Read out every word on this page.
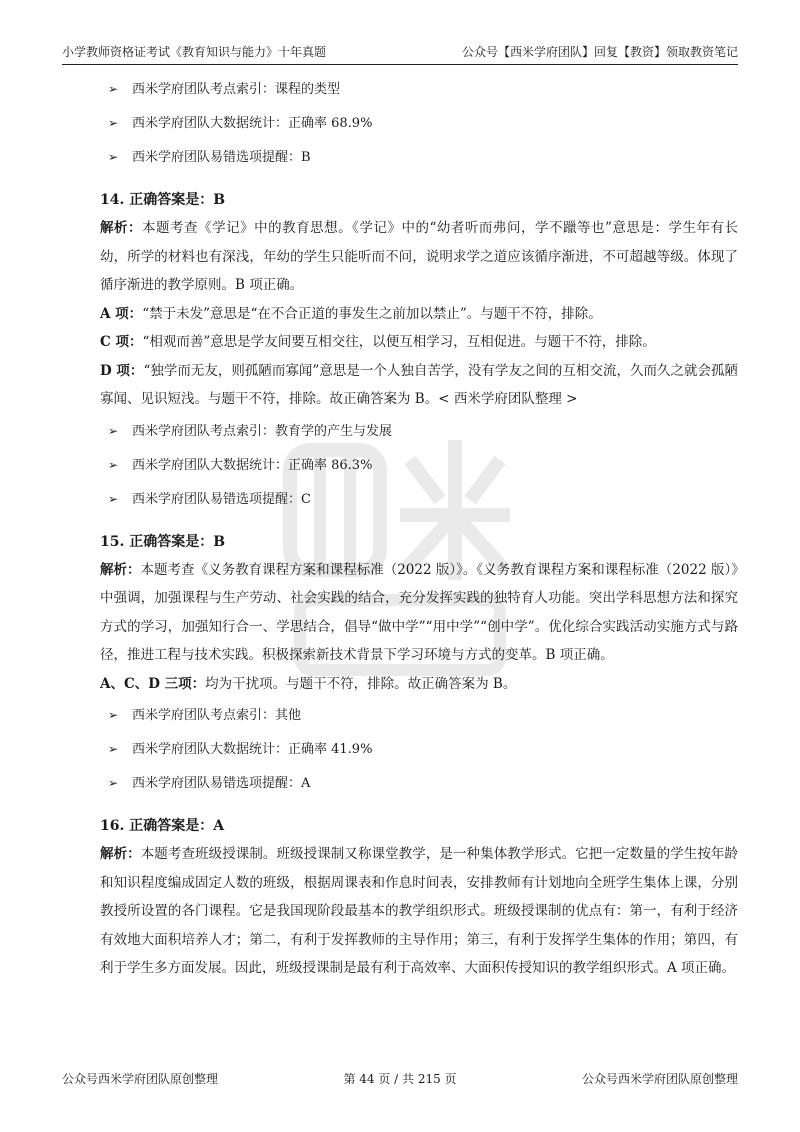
小学教师资格证考试《教育知识与能力》十年真题	公众号【西米学府团队】回复【教资】领取教资笔记
➢ 西米学府团队考点索引：课程的类型
➢ 西米学府团队大数据统计：正确率 68.9%
➢ 西米学府团队易错选项提醒：B
14. 正确答案是：B
解析：本题考查《学记》中的教育思想。《学记》中的“幼者听而弗问，学不躐等也”意思是：学生年有长幼，所学的材料也有深浅，年幼的学生只能听而不问，说明求学之道应该循序渐进，不可超越等级。体现了循序渐进的教学原则。B 项正确。
A 项：“禁于未发”意思是“在不合正道的事发生之前加以禁止”。与题干不符，排除。
C 项：“相观而善”意思是学友间要互相交往，以便互相学习，互相促进。与题干不符，排除。
D 项：“独学而无友，则孤陋而寡闻”意思是一个人独自苦学，没有学友之间的互相交流，久而久之就会孤陋寡闻、见识短浅。与题干不符，排除。故正确答案为 B。< 西米学府团队整理 >
➢ 西米学府团队考点索引：教育学的产生与发展
➢ 西米学府团队大数据统计：正确率 86.3%
➢ 西米学府团队易错选项提醒：C
15. 正确答案是：B
解析：本题考查《义务教育课程方案和课程标准（2022 版）》。《义务教育课程方案和课程标准（2022 版）》中强调，加强课程与生产劳动、社会实践的结合，充分发挥实践的独特育人功能。突出学科思想方法和探究方式的学习，加强知行合一、学思结合，倡导“做中学”“用中学”“创中学”。优化综合实践活动实施方式与路径，推进工程与技术实践。积极探索新技术背景下学习环境与方式的变革。B 项正确。
A、C、D 三项：均为干扰项。与题干不符，排除。故正确答案为 B。
➢ 西米学府团队考点索引：其他
➢ 西米学府团队大数据统计：正确率 41.9%
➢ 西米学府团队易错选项提醒：A
16. 正确答案是：A
解析：本题考查班级授课制。班级授课制又称课堂教学，是一种集体教学形式。它把一定数量的学生按年龄和知识程度编成固定人数的班级，根据周课表和作息时间表，安排教师有计划地向全班学生集体上课，分别教授所设置的各门课程。它是我国现阶段最基本的教学组织形式。班级授课制的优点有：第一，有利于经济有效地大面积培养人才；第二，有利于发挥教师的主导作用；第三，有利于发挥学生集体的作用；第四，有利于学生多方面发展。因此，班级授课制是最有利于高效率、大面积传授知识的教学组织形式。A 项正确。
公众号西米学府团队原创整理	第 44 页 / 共 215 页	公众号西米学府团队原创整理
